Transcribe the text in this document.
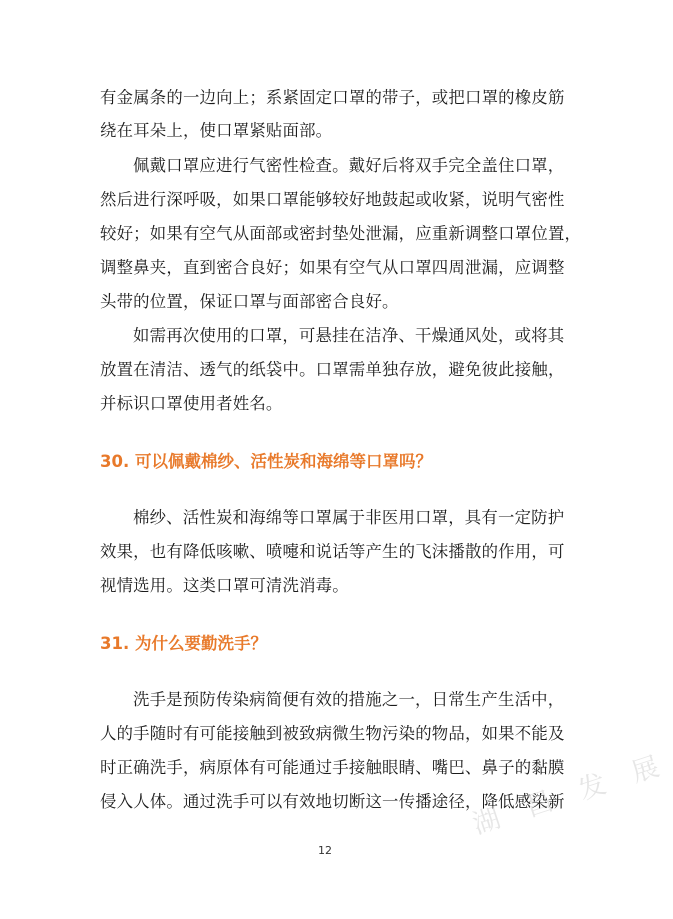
有金属条的一边向上；系紧固定口罩的带子，或把口罩的橡皮筋
绕在耳朵上，使口罩紧贴面部。
佩戴口罩应进行气密性检查。戴好后将双手完全盖住口罩，
然后进行深呼吸，如果口罩能够较好地鼓起或收紧，说明气密性
较好；如果有空气从面部或密封垫处泄漏，应重新调整口罩位置，
调整鼻夹，直到密合良好；如果有空气从口罩四周泄漏，应调整
头带的位置，保证口罩与面部密合良好。
如需再次使用的口罩，可悬挂在洁净、干燥通风处，或将其
放置在清洁、透气的纸袋中。口罩需单独存放，避免彼此接触，
并标识口罩使用者姓名。
30. 可以佩戴棉纱、活性炭和海绵等口罩吗？
棉纱、活性炭和海绵等口罩属于非医用口罩，具有一定防护
效果，也有降低咳嗽、喷嚏和说话等产生的飞沫播散的作用，可
视情选用。这类口罩可清洗消毒。
31. 为什么要勤洗手？
洗手是预防传染病简便有效的措施之一，日常生产生活中，
人的手随时有可能接触到被致病微生物污染的物品，如果不能及
时正确洗手，病原体有可能通过手接触眼睛、嘴巴、鼻子的黏膜
侵入人体。通过洗手可以有效地切断这一传播途径，降低感染新
湖 昌 发 展
12
